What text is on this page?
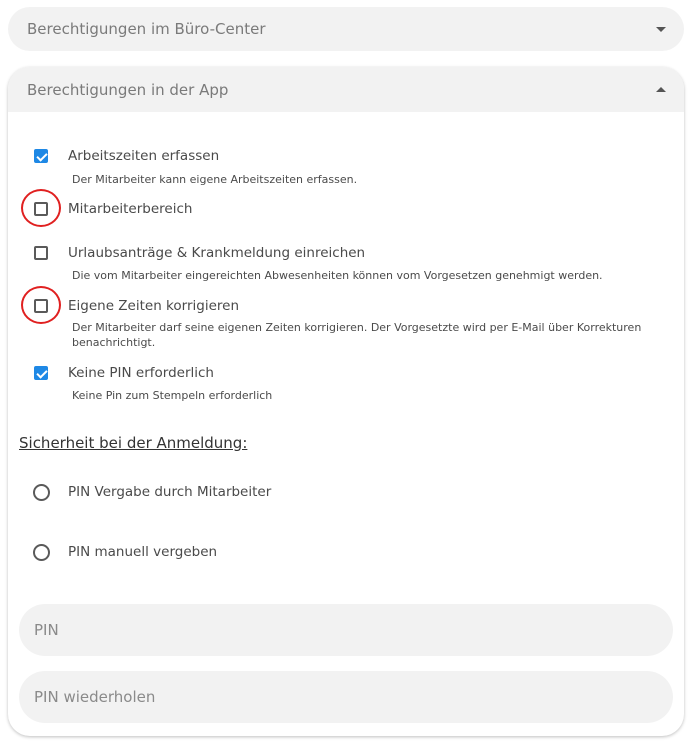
Berechtigungen im Büro-Center
Berechtigungen in der App
Arbeitszeiten erfassen
Der Mitarbeiter kann eigene Arbeitszeiten erfassen.
Mitarbeiterbereich
Urlaubsanträge & Krankmeldung einreichen
Die vom Mitarbeiter eingereichten Abwesenheiten können vom Vorgesetzen genehmigt werden.
Eigene Zeiten korrigieren
Der Mitarbeiter darf seine eigenen Zeiten korrigieren. Der Vorgesetzte wird per E-Mail über Korrekturen benachrichtigt.
Keine PIN erforderlich
Keine Pin zum Stempeln erforderlich
Sicherheit bei der Anmeldung:
PIN Vergabe durch Mitarbeiter
PIN manuell vergeben
PIN
PIN wiederholen
